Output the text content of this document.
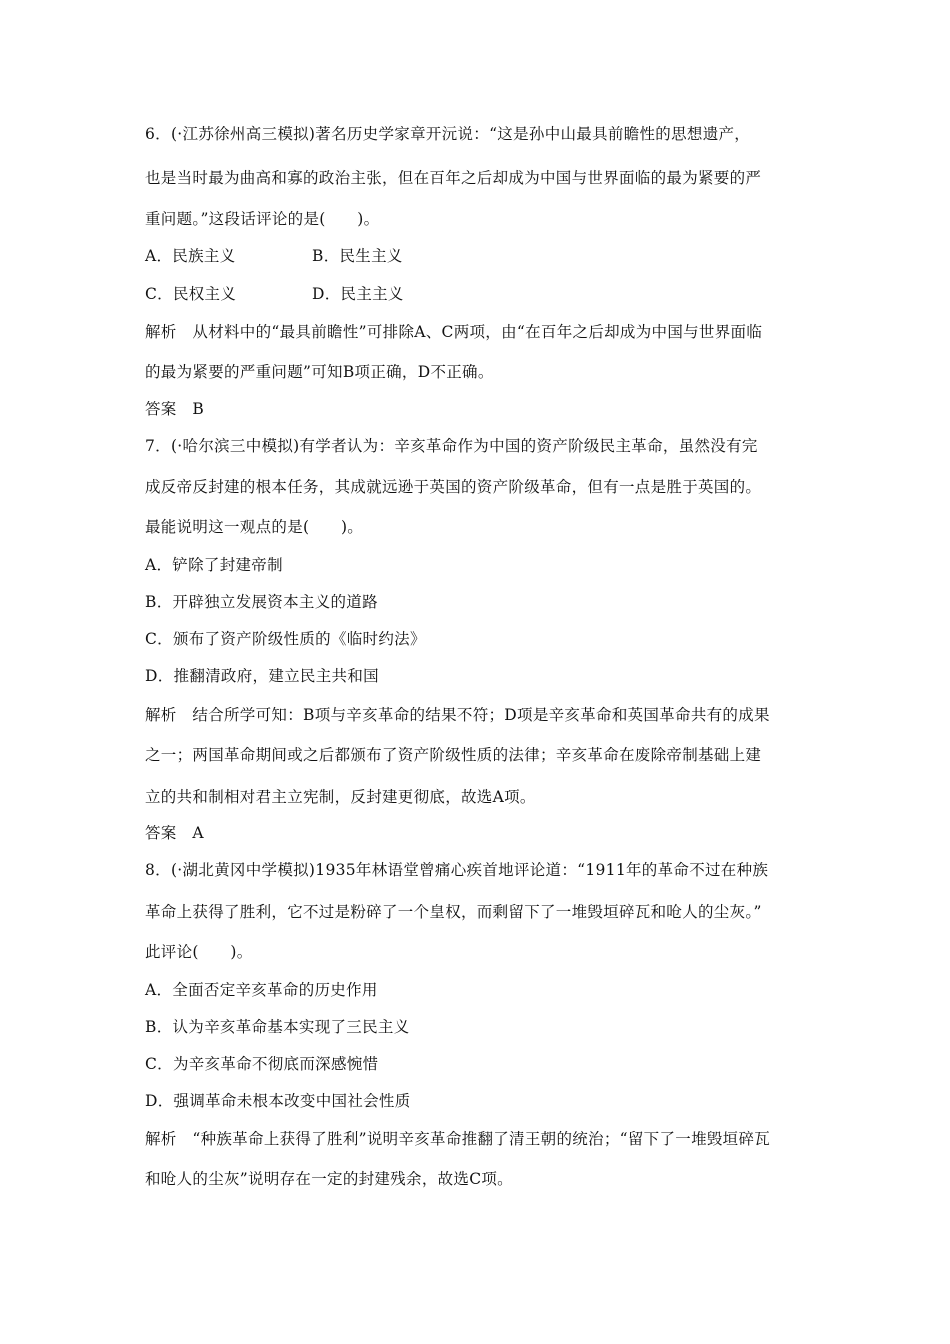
6．(·江苏徐州高三模拟)著名历史学家章开沅说：“这是孙中山最具前瞻性的思想遗产，
也是当时最为曲高和寡的政治主张，但在百年之后却成为中国与世界面临的最为紧要的严
重问题。”这段话评论的是(　　)。
A．民族主义	B．民生主义
C．民权主义	D．民主主义
解析　从材料中的“最具前瞻性”可排除A、C两项，由“在百年之后却成为中国与世界面临
的最为紧要的严重问题”可知B项正确，D不正确。
答案　B
7．(·哈尔滨三中模拟)有学者认为：辛亥革命作为中国的资产阶级民主革命，虽然没有完
成反帝反封建的根本任务，其成就远逊于英国的资产阶级革命，但有一点是胜于英国的。
最能说明这一观点的是(　　)。
A．铲除了封建帝制
B．开辟独立发展资本主义的道路
C．颁布了资产阶级性质的《临时约法》
D．推翻清政府，建立民主共和国
解析　结合所学可知：B项与辛亥革命的结果不符；D项是辛亥革命和英国革命共有的成果
之一；两国革命期间或之后都颁布了资产阶级性质的法律；辛亥革命在废除帝制基础上建
立的共和制相对君主立宪制，反封建更彻底，故选A项。
答案　A
8．(·湖北黄冈中学模拟)1935年林语堂曾痛心疾首地评论道：“1911年的革命不过在种族
革命上获得了胜利，它不过是粉碎了一个皇权，而剩留下了一堆毁垣碎瓦和呛人的尘灰。”
此评论(　　)。
A．全面否定辛亥革命的历史作用
B．认为辛亥革命基本实现了三民主义
C．为辛亥革命不彻底而深感惋惜
D．强调革命未根本改变中国社会性质
解析　“种族革命上获得了胜利”说明辛亥革命推翻了清王朝的统治；“留下了一堆毁垣碎瓦
和呛人的尘灰”说明存在一定的封建残余，故选C项。
